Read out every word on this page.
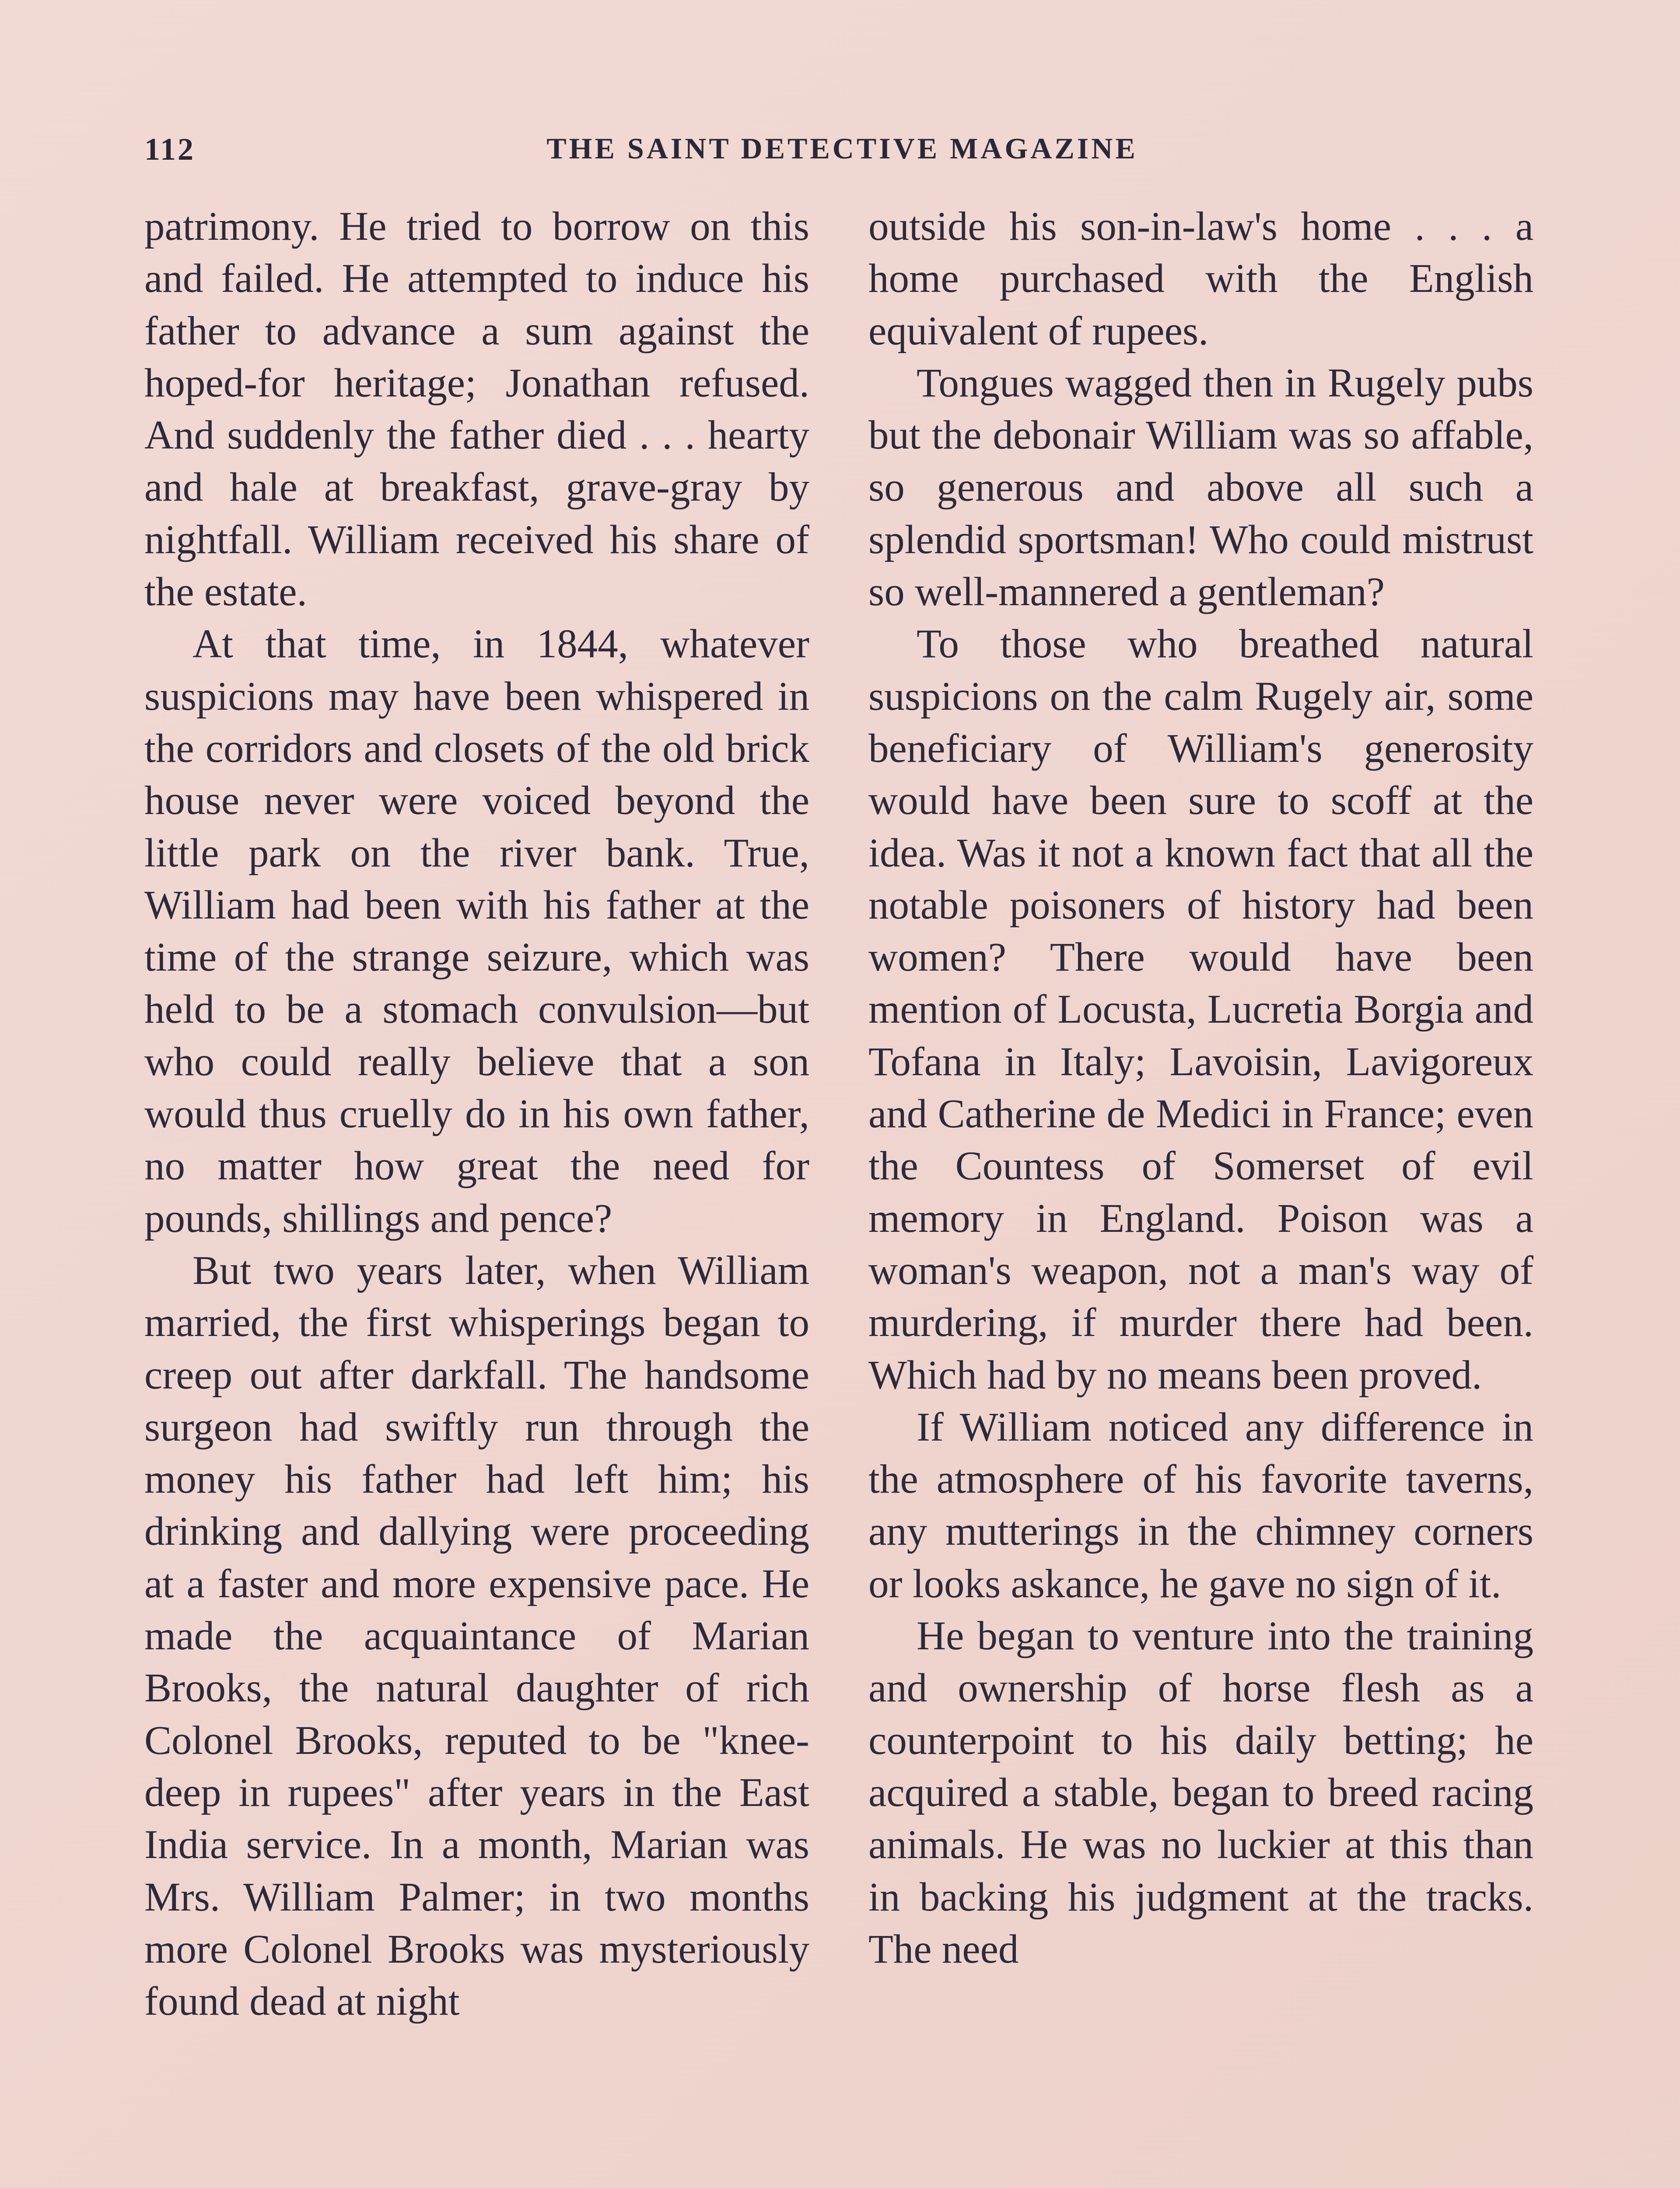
112	THE SAINT DETECTIVE MAGAZINE

patrimony. He tried to borrow on this and failed. He attempted to induce his father to advance a sum against the hoped-for heritage; Jonathan refused. And suddenly the father died . . . hearty and hale at breakfast, grave-gray by nightfall. William received his share of the estate.

At that time, in 1844, whatever suspicions may have been whispered in the corridors and closets of the old brick house never were voiced beyond the little park on the river bank. True, William had been with his father at the time of the strange seizure, which was held to be a stomach convulsion—but who could really believe that a son would thus cruelly do in his own father, no matter how great the need for pounds, shillings and pence?

But two years later, when William married, the first whisperings began to creep out after darkfall. The handsome surgeon had swiftly run through the money his father had left him; his drinking and dallying were proceeding at a faster and more expensive pace. He made the acquaintance of Marian Brooks, the natural daughter of rich Colonel Brooks, reputed to be "knee-deep in rupees" after years in the East India service. In a month, Marian was Mrs. William Palmer; in two months more Colonel Brooks was mysteriously found dead at night

outside his son-in-law's home . . . a home purchased with the English equivalent of rupees.

Tongues wagged then in Rugely pubs but the debonair William was so affable, so generous and above all such a splendid sportsman! Who could mistrust so well-mannered a gentleman?

To those who breathed natural suspicions on the calm Rugely air, some beneficiary of William's generosity would have been sure to scoff at the idea. Was it not a known fact that all the notable poisoners of history had been women? There would have been mention of Locusta, Lucretia Borgia and Tofana in Italy; Lavoisin, Lavigoreux and Catherine de Medici in France; even the Countess of Somerset of evil memory in England. Poison was a woman's weapon, not a man's way of murdering, if murder there had been. Which had by no means been proved.

If William noticed any difference in the atmosphere of his favorite taverns, any mutterings in the chimney corners or looks askance, he gave no sign of it.

He began to venture into the training and ownership of horse flesh as a counterpoint to his daily betting; he acquired a stable, began to breed racing animals. He was no luckier at this than in backing his judgment at the tracks. The need
